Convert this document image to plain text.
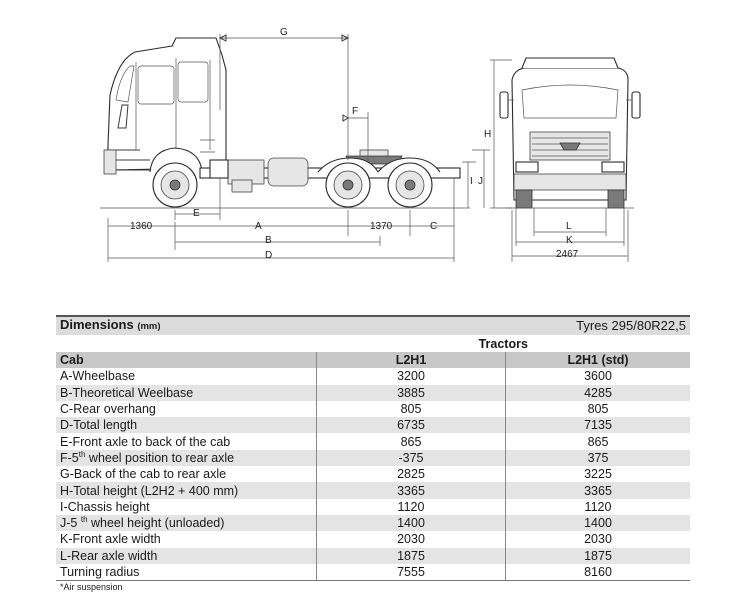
G
F
E
1360	A	1370	C
B
D
H
I J
L
K
2467
Dimensions (mm)		Tyres 295/80R22,5
	Tractors	
Cab	L2H1	L2H1 (std)
A-Wheelbase	3200	3600
B-Theoretical Weelbase	3885	4285
C-Rear overhang	805	805
D-Total length	6735	7135
E-Front axle to back of the cab	865	865
F-5th wheel position to rear axle	-375	375
G-Back of the cab to rear axle	2825	3225
H-Total height (L2H2 + 400 mm)	3365	3365
I-Chassis height	1120	1120
J-5 $^{th}$ wheel height (unloaded)	1400	1400
K-Front axle width	2030	2030
L-Rear axle width	1875	1875
Turning radius	7555	8160
*Air suspension
